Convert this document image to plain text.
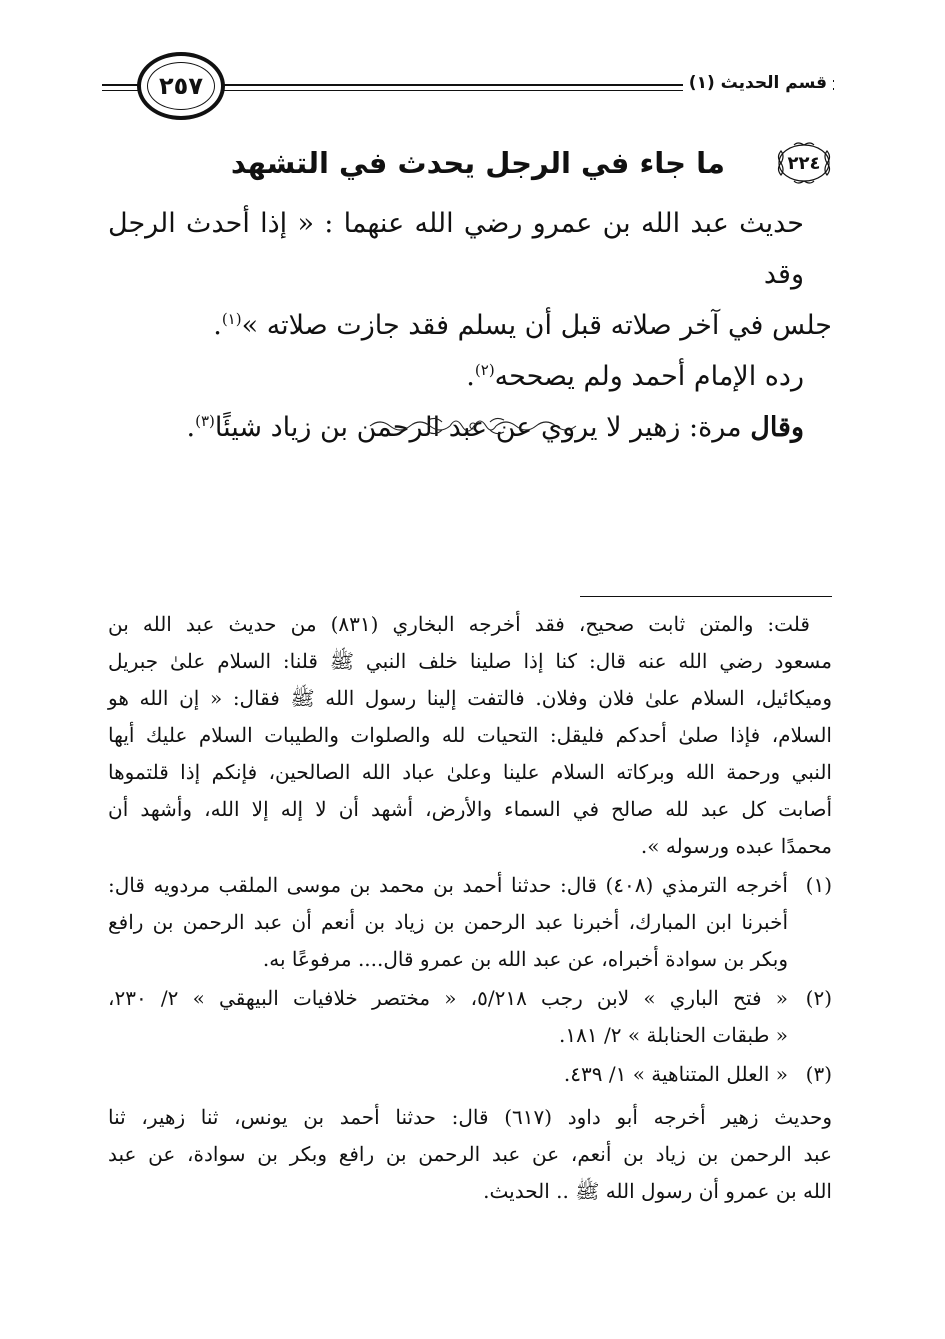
٢٥٧	قسم الحديث (١)
٢٢٤
ما جاء في الرجل يحدث في التشهد

حديث عبد الله بن عمرو رضي الله عنهما : « إذا أحدث الرجل وقد

جلس في آخر صلاته قبل أن يسلم فقد جازت صلاته »$^{(١)}$.

رده الإمام أحمد ولم يصححه$^{(٢)}$.

وقال مرة: زهير لا يروي عن عبد الرحمن بن زياد شيئًا$^{(٣)}$.

قلت: والمتن ثابت صحيح، فقد أخرجه البخاري (٨٣١) من حديث عبد الله بن

مسعود رضي الله عنه قال: كنا إذا صلينا خلف النبي ﷺ قلنا: السلام علىٰ جبريل

وميكائيل، السلام علىٰ فلان وفلان. فالتفت إلينا رسول الله ﷺ فقال: « إن الله هو

السلام، فإذا صلىٰ أحدكم فليقل: التحيات لله والصلوات والطيبات السلام عليك أيها

النبي ورحمة الله وبركاته السلام علينا وعلىٰ عباد الله الصالحين، فإنكم إذا قلتموها

أصابت كل عبد لله صالح في السماء والأرض، أشهد أن لا إله إلا الله، وأشهد أن

محمدًا عبده ورسوله ».

(١)

أخرجه الترمذي (٤٠٨) قال: حدثنا أحمد بن محمد بن موسى الملقب مردويه قال:

أخبرنا ابن المبارك، أخبرنا عبد الرحمن بن زياد بن أنعم أن عبد الرحمن بن رافع

وبكر بن سوادة أخبراه، عن عبد الله بن عمرو قال.... مرفوعًا به.

(٢)

« فتح الباري » لابن رجب ٥/٢١٨، « مختصر خلافيات البيهقي » ٢/ ٢٣٠،

« طبقات الحنابلة » ٢/ ١٨١.

(٣)

« العلل المتناهية » ١/ ٤٣٩.

وحديث زهير أخرجه أبو داود (٦١٧) قال: حدثنا أحمد بن يونس، ثنا زهير، ثنا

عبد الرحمن بن زياد بن أنعم، عن عبد الرحمن بن رافع وبكر بن سوادة، عن عبد

الله بن عمرو أن رسول الله ﷺ .. الحديث.
